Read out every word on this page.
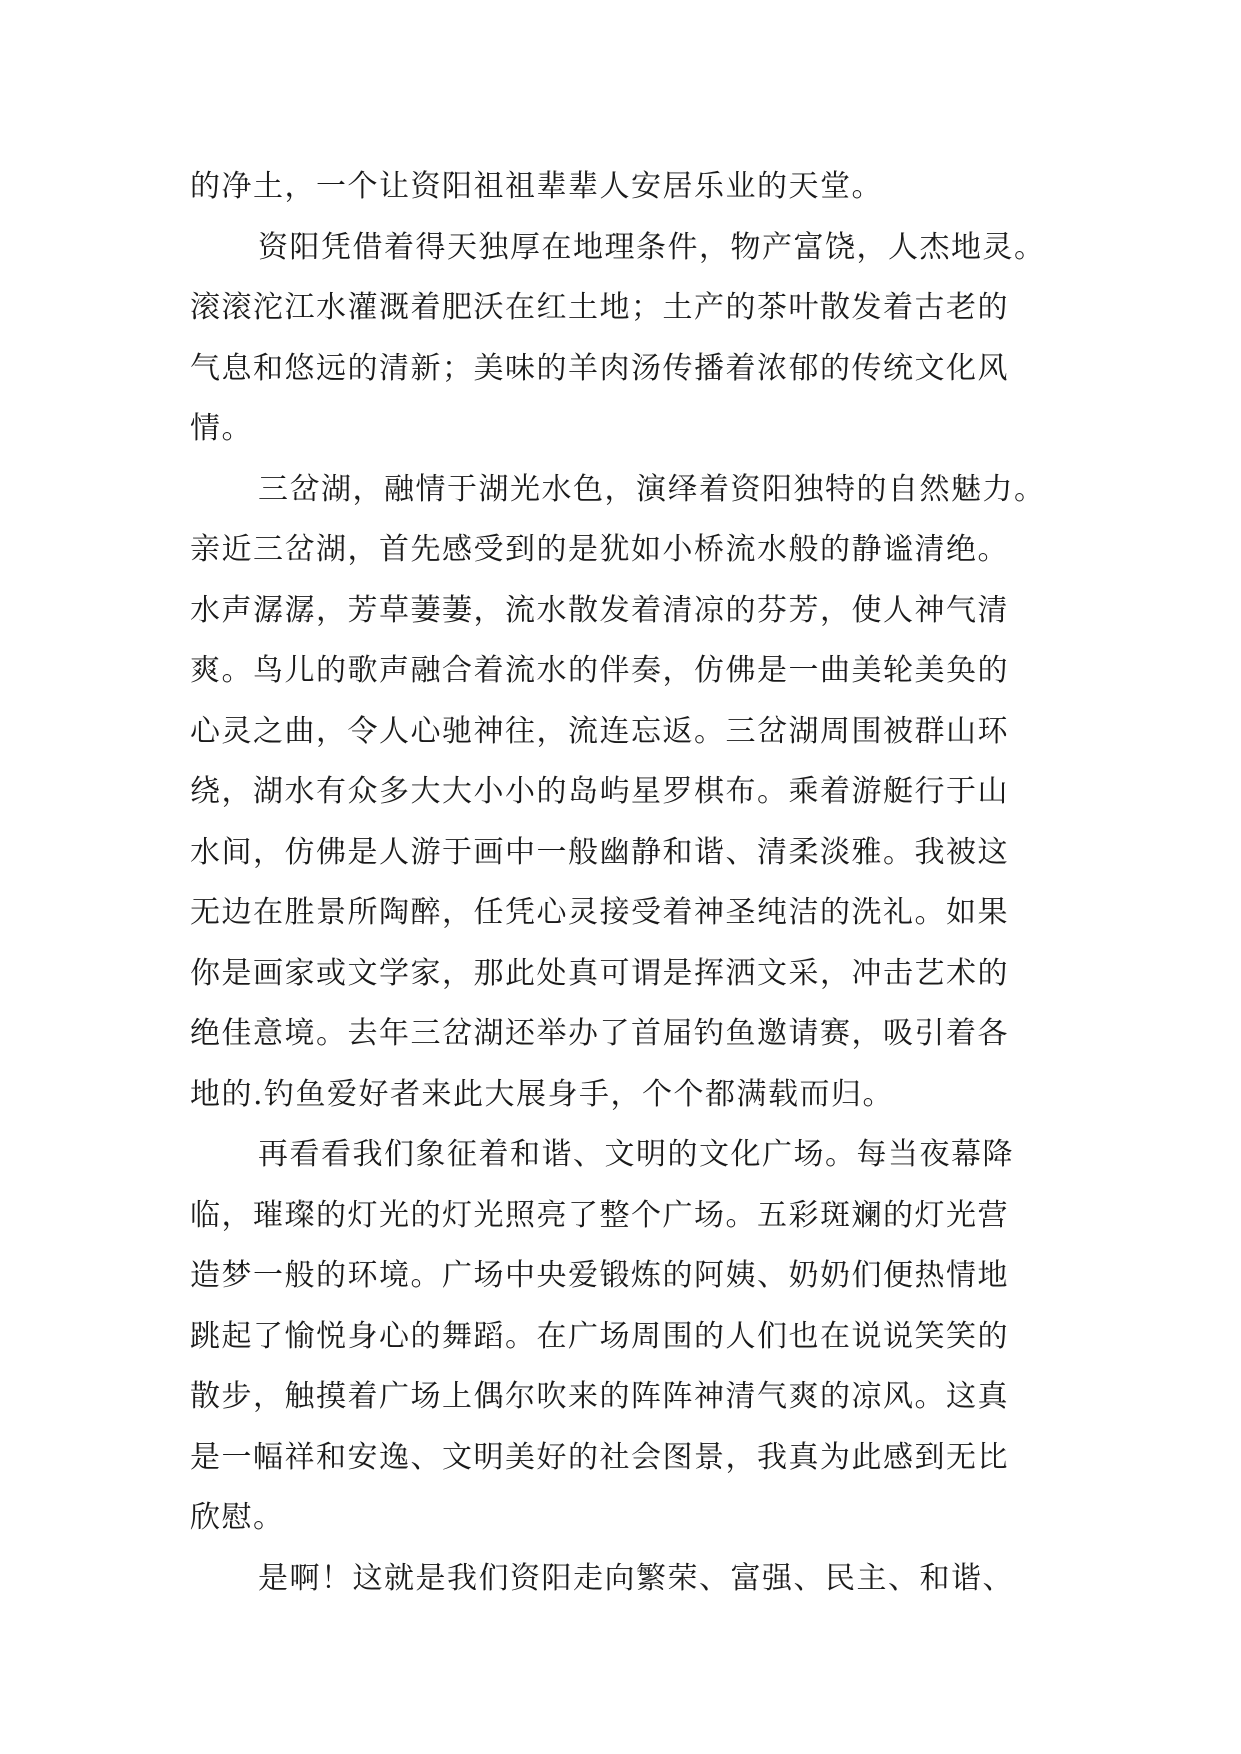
的净土，一个让资阳祖祖辈辈人安居乐业的天堂。
资阳凭借着得天独厚在地理条件，物产富饶，人杰地灵。
滚滚沱江水灌溉着肥沃在红土地；土产的茶叶散发着古老的
气息和悠远的清新；美味的羊肉汤传播着浓郁的传统文化风
情。
三岔湖，融情于湖光水色，演绎着资阳独特的自然魅力。
亲近三岔湖，首先感受到的是犹如小桥流水般的静谧清绝。
水声潺潺，芳草萋萋，流水散发着清凉的芬芳，使人神气清
爽。鸟儿的歌声融合着流水的伴奏，仿佛是一曲美轮美奂的
心灵之曲，令人心驰神往，流连忘返。三岔湖周围被群山环
绕，湖水有众多大大小小的岛屿星罗棋布。乘着游艇行于山
水间，仿佛是人游于画中一般幽静和谐、清柔淡雅。我被这
无边在胜景所陶醉，任凭心灵接受着神圣纯洁的洗礼。如果
你是画家或文学家，那此处真可谓是挥洒文采，冲击艺术的
绝佳意境。去年三岔湖还举办了首届钓鱼邀请赛，吸引着各
地的.钓鱼爱好者来此大展身手，个个都满载而归。
再看看我们象征着和谐、文明的文化广场。每当夜幕降
临，璀璨的灯光的灯光照亮了整个广场。五彩斑斓的灯光营
造梦一般的环境。广场中央爱锻炼的阿姨、奶奶们便热情地
跳起了愉悦身心的舞蹈。在广场周围的人们也在说说笑笑的
散步，触摸着广场上偶尔吹来的阵阵神清气爽的凉风。这真
是一幅祥和安逸、文明美好的社会图景，我真为此感到无比
欣慰。
是啊！这就是我们资阳走向繁荣、富强、民主、和谐、
